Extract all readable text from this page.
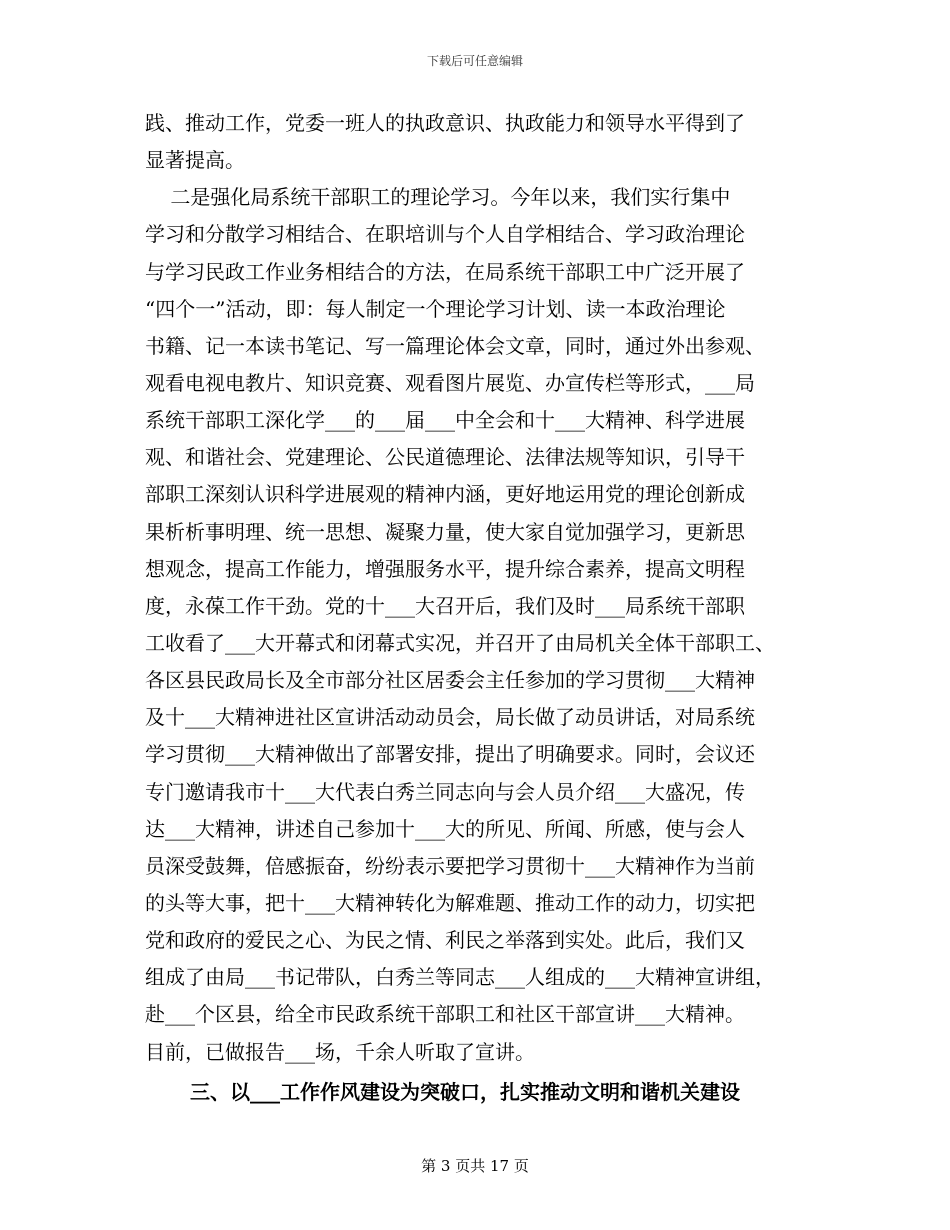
下载后可任意编辑
践、推动工作，党委一班人的执政意识、执政能力和领导水平得到了
显著提高。
二是强化局系统干部职工的理论学习。今年以来，我们实行集中
学习和分散学习相结合、在职培训与个人自学相结合、学习政治理论
与学习民政工作业务相结合的方法，在局系统干部职工中广泛开展了
“四个一”活动，即：每人制定一个理论学习计划、读一本政治理论
书籍、记一本读书笔记、写一篇理论体会文章，同时，通过外出参观、
观看电视电教片、知识竞赛、观看图片展览、办宣传栏等形式，___局
系统干部职工深化学___的___届___中全会和十___大精神、科学进展
观、和谐社会、党建理论、公民道德理论、法律法规等知识，引导干
部职工深刻认识科学进展观的精神内涵，更好地运用党的理论创新成
果析析事明理、统一思想、凝聚力量，使大家自觉加强学习，更新思
想观念，提高工作能力，增强服务水平，提升综合素养，提高文明程
度，永葆工作干劲。党的十___大召开后，我们及时___局系统干部职
工收看了___大开幕式和闭幕式实况，并召开了由局机关全体干部职工、
各区县民政局长及全市部分社区居委会主任参加的学习贯彻___大精神
及十___大精神进社区宣讲活动动员会，局长做了动员讲话，对局系统
学习贯彻___大精神做出了部署安排，提出了明确要求。同时，会议还
专门邀请我市十___大代表白秀兰同志向与会人员介绍___大盛况，传
达___大精神，讲述自己参加十___大的所见、所闻、所感，使与会人
员深受鼓舞，倍感振奋，纷纷表示要把学习贯彻十___大精神作为当前
的头等大事，把十___大精神转化为解难题、推动工作的动力，切实把
党和政府的爱民之心、为民之情、利民之举落到实处。此后，我们又
组成了由局___书记带队，白秀兰等同志___人组成的___大精神宣讲组，
赴___个区县，给全市民政系统干部职工和社区干部宣讲___大精神。
目前，已做报告___场，千余人听取了宣讲。
三、以___工作作风建设为突破口，扎实推动文明和谐机关建设
第 3 页共 17 页
